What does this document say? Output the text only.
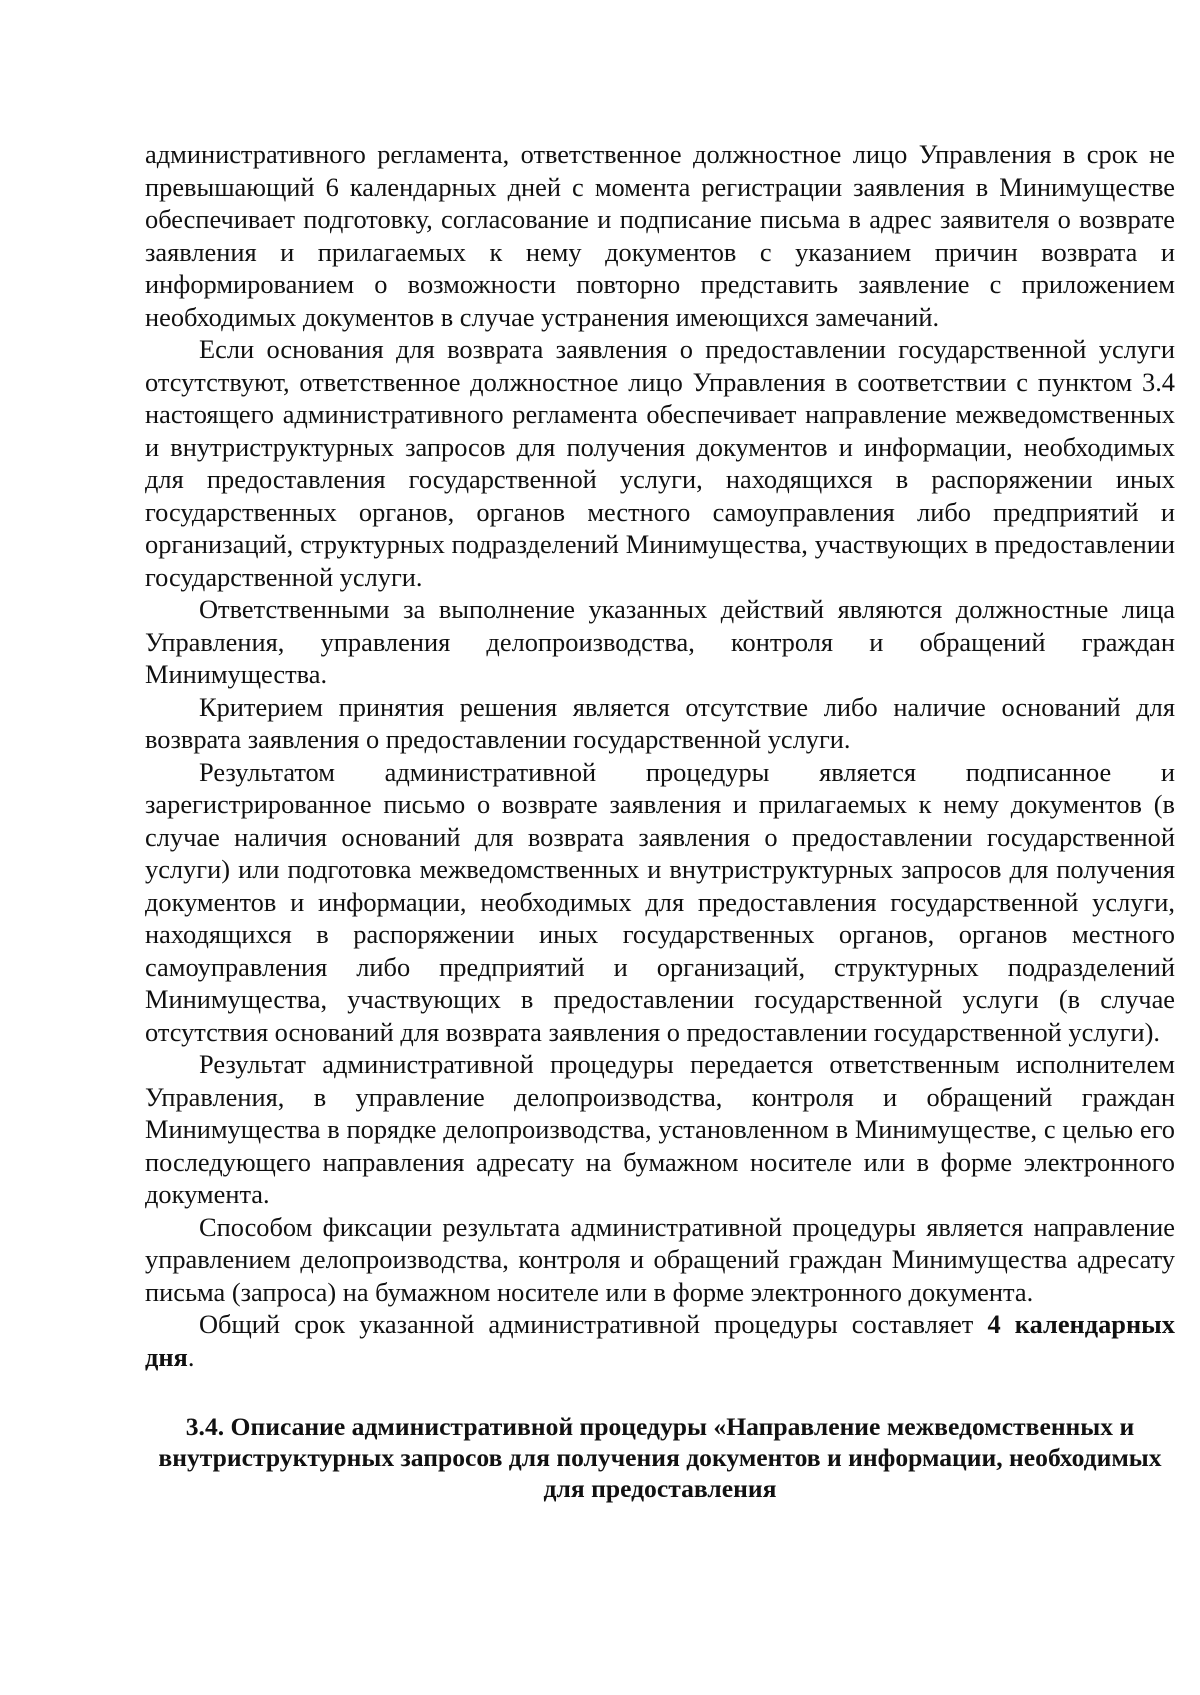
административного регламента, ответственное должностное лицо Управления в срок не превышающий 6 календарных дней с момента регистрации заявления в Минимуществе обеспечивает подготовку, согласование и подписание письма в адрес заявителя о возврате заявления и прилагаемых к нему документов с указанием причин возврата и информированием о возможности повторно представить заявление с приложением необходимых документов в случае устранения имеющихся замечаний.

Если основания для возврата заявления о предоставлении государственной услуги отсутствуют, ответственное должностное лицо Управления в соответствии с пунктом 3.4 настоящего административного регламента обеспечивает направление межведомственных и внутриструктурных запросов для получения документов и информации, необходимых для предоставления государственной услуги, находящихся в распоряжении иных государственных органов, органов местного самоуправления либо предприятий и организаций, структурных подразделений Минимущества, участвующих в предоставлении государственной услуги.

Ответственными за выполнение указанных действий являются должностные лица Управления, управления делопроизводства, контроля и обращений граждан Минимущества.

Критерием принятия решения является отсутствие либо наличие оснований для возврата заявления о предоставлении государственной услуги.

Результатом административной процедуры является подписанное и зарегистрированное письмо о возврате заявления и прилагаемых к нему документов (в случае наличия оснований для возврата заявления о предоставлении государственной услуги) или подготовка межведомственных и внутриструктурных запросов для получения документов и информации, необходимых для предоставления государственной услуги, находящихся в распоряжении иных государственных органов, органов местного самоуправления либо предприятий и организаций, структурных подразделений Минимущества, участвующих в предоставлении государственной услуги (в случае отсутствия оснований для возврата заявления о предоставлении государственной услуги).

Результат административной процедуры передается ответственным исполнителем Управления, в управление делопроизводства, контроля и обращений граждан Минимущества в порядке делопроизводства, установленном в Минимуществе, с целью его последующего направления адресату на бумажном носителе или в форме электронного документа.

Способом фиксации результата административной процедуры является направление управлением делопроизводства, контроля и обращений граждан Минимущества адресату письма (запроса) на бумажном носителе или в форме электронного документа.

Общий срок указанной административной процедуры составляет 4 календарных дня.

3.4. Описание административной процедуры «Направление межведомственных и внутриструктурных запросов для получения документов и информации, необходимых для предоставления
